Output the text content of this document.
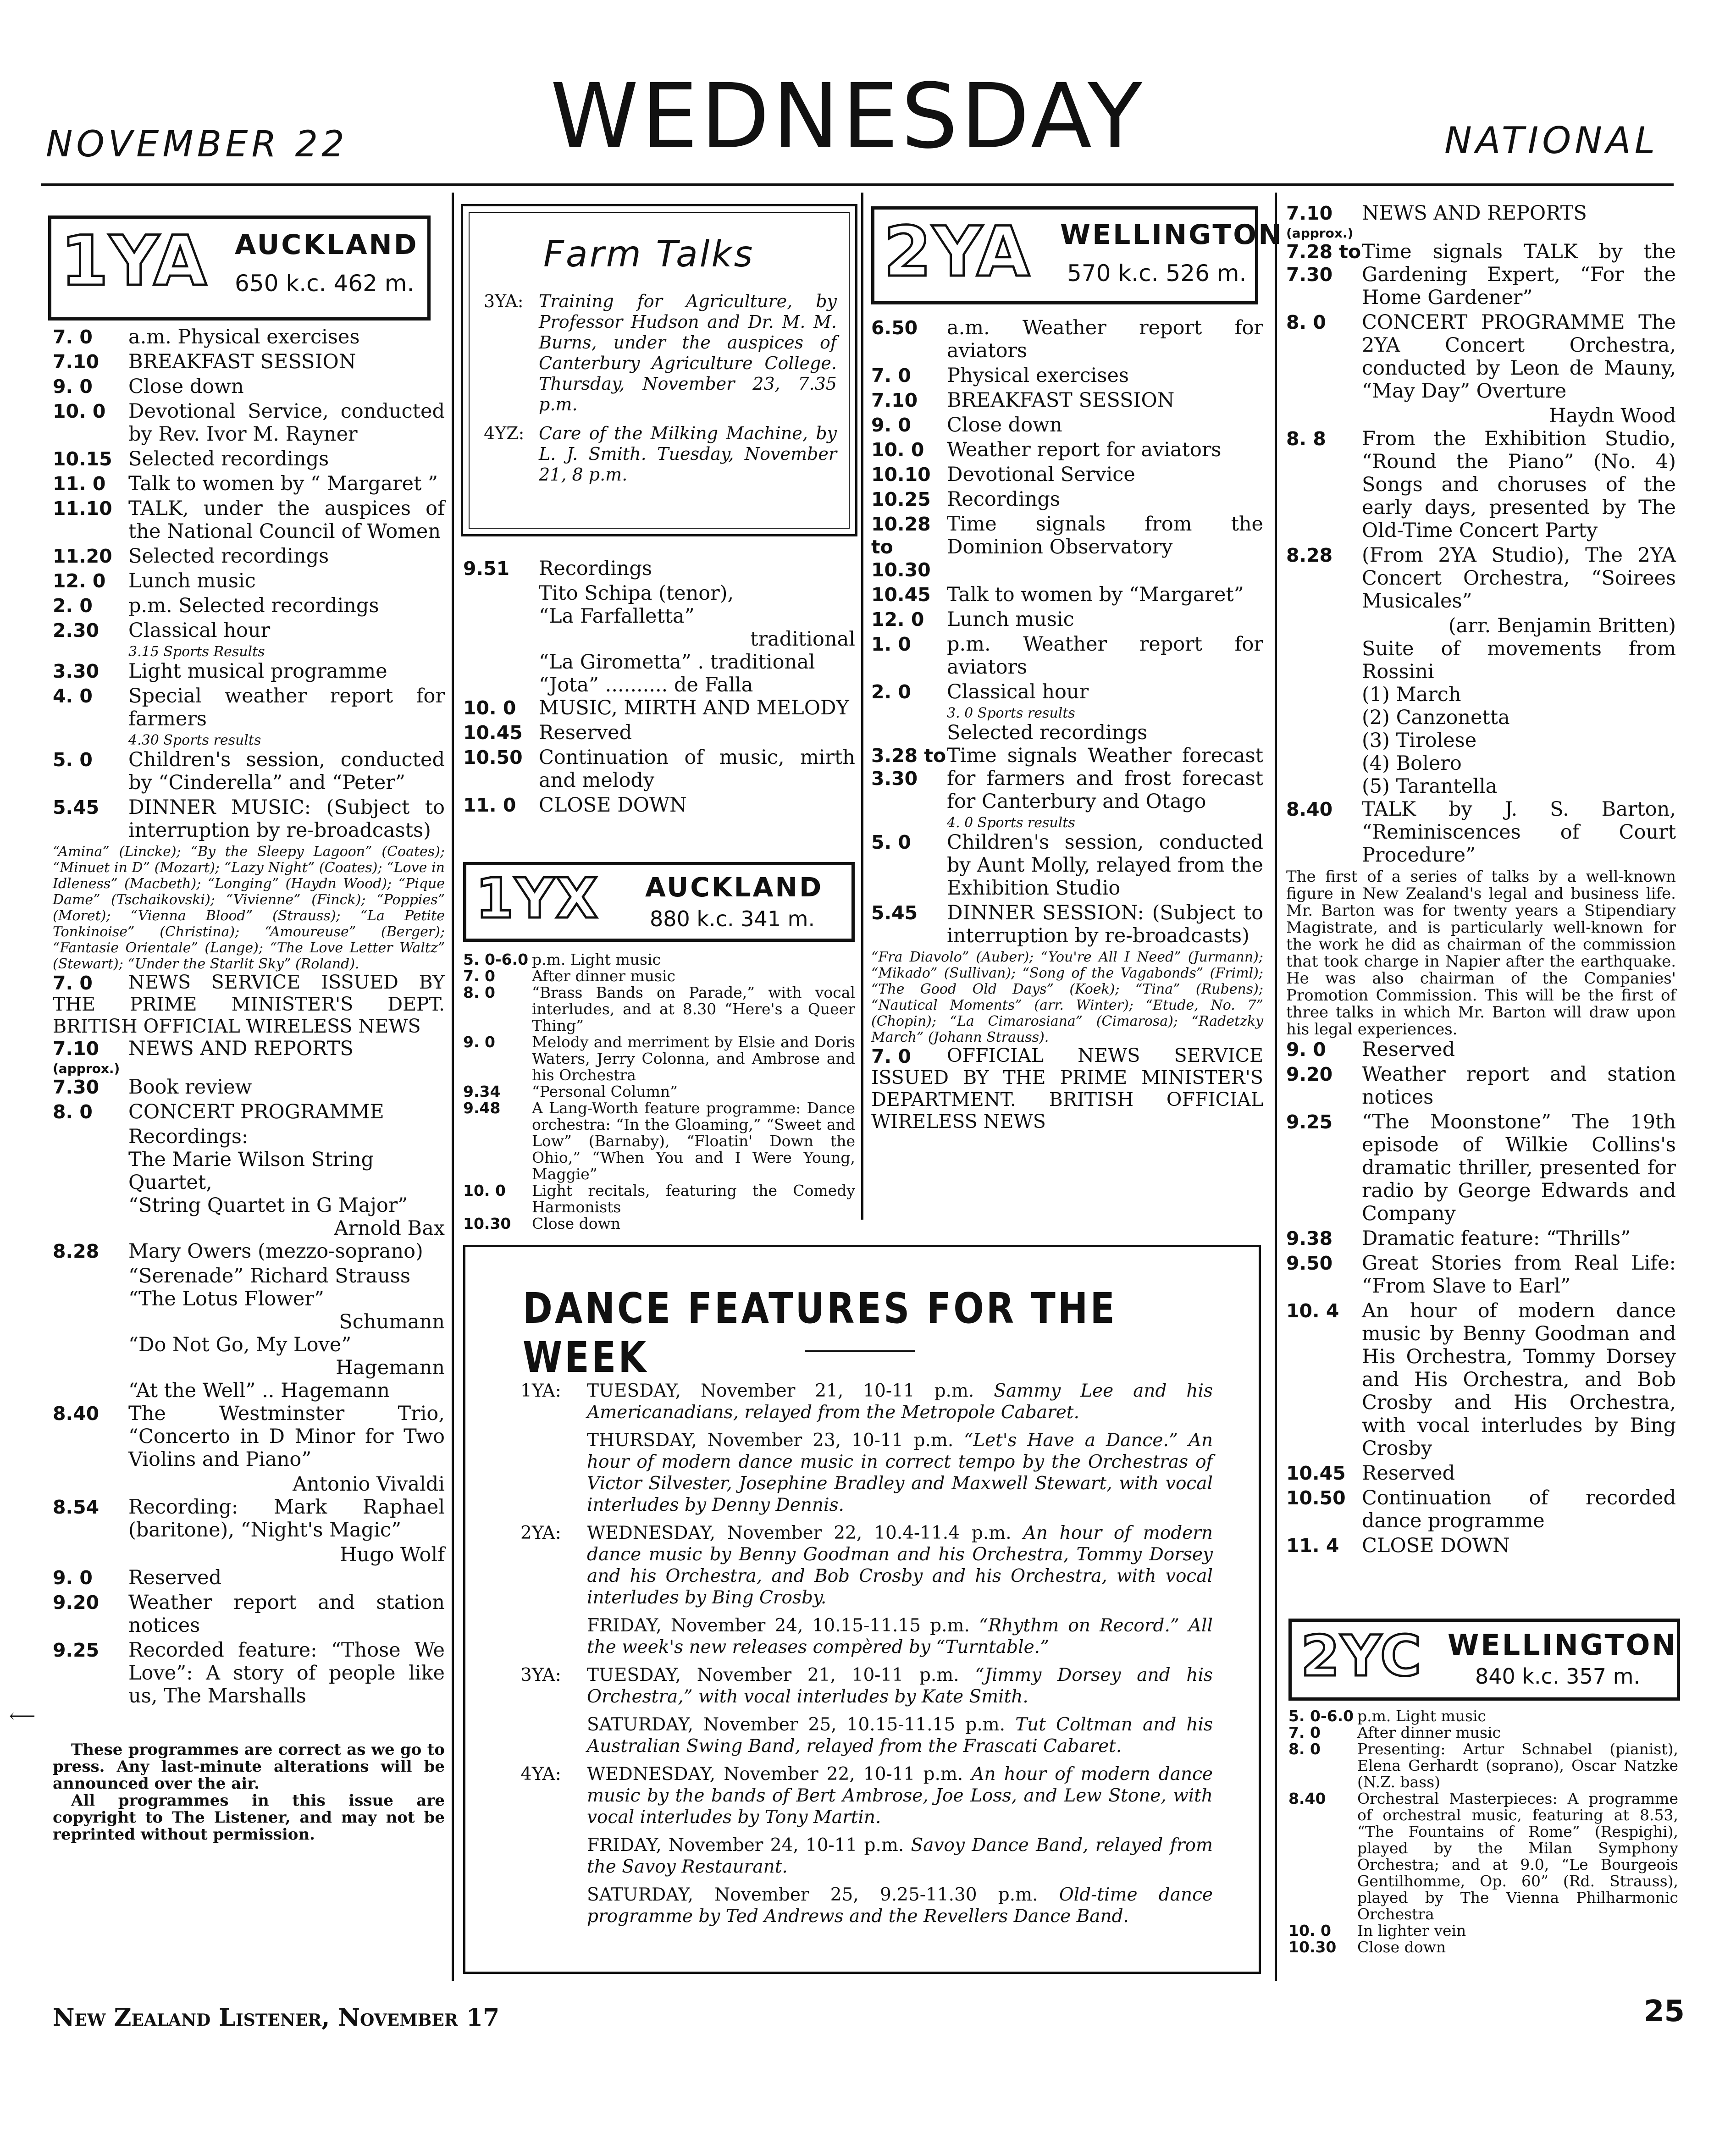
NOVEMBER 22 WEDNESDAY	NATIONAL
1YA AUCKLAND
650 k.c. 462 m.
7. 0	a.m. Physical exercises
7.10	BREAKFAST SESSION
9. 0	Close down
10. 0	Devotional Service, conducted by Rev. Ivor M. Rayner
10.15 Selected recordings
11. 0	Talk to women by “ Margaret ”
11.10 TALK, under the auspices of the National Council of Women
11.20 Selected recordings
12. 0	Lunch music
2. 0	p.m. Selected recordings
2.30	Classical hour
3.15 Sports Results
3.30	Light musical programme
4. 0	Special weather report for farmers
4.30 Sports results
5. 0	Children's session, conducted by “Cinderella” and “Peter”
5.45	DINNER MUSIC: (Subject to interruption by re-broadcasts)
“Amina” (Lincke); “By the Sleepy Lagoon” (Coates); “Minuet in D” (Mozart); “Lazy Night” (Coates); “Love in Idleness” (Macbeth); “Longing” (Haydn Wood); “Pique Dame” (Tschaikovski); “Vivienne” (Finck); “Poppies” (Moret); “Vienna Blood” (Strauss); “La Petite Tonkinoise” (Christina); “Amoureuse” (Berger); “Fantasie Orientale” (Lange); “The Love Letter Waltz” (Stewart); “Under the Starlit Sky” (Roland).
7. 0	NEWS SERVICE ISSUED BY THE PRIME MINISTER'S DEPT. BRITISH OFFICIAL WIRELESS NEWS
7.10	NEWS AND REPORTS
(approx.)
7.30	Book review
8. 0	CONCERT PROGRAMME
Recordings:
The Marie Wilson String Quartet,
“String Quartet in G Major”
Arnold Bax
8.28	Mary Owers (mezzo-soprano)
“Serenade” Richard Strauss
“The Lotus Flower”
Schumann
“Do Not Go, My Love”
Hagemann
“At the Well” .. Hagemann
8.40	The Westminster Trio, “Concerto in D Minor for Two Violins and Piano”
Antonio Vivaldi
8.54	Recording: Mark Raphael (baritone), “Night's Magic”
Hugo Wolf
9. 0	Reserved
9.20	Weather report and station notices
9.25	Recorded feature: “Those We Love”: A story of people like us, The Marshalls
These programmes are correct as we go to press. Any last-minute alterations will be announced over the air.
All programmes in this issue are copyright to The Listener, and may not be reprinted without permission.
⟵
Farm Talks
3YA: Training for Agriculture, by Professor Hudson and Dr. M. M. Burns, under the auspices of Canterbury Agriculture College. Thursday, November 23, 7.35 p.m.
4YZ: Care of the Milking Machine, by L. J. Smith. Tuesday, November 21, 8 p.m.
9.51	Recordings
Tito Schipa (tenor),
“La Farfalletta”
traditional
“La Girometta” . traditional
“Jota” .......... de Falla
10. 0	MUSIC, MIRTH AND MELODY
10.45 Reserved
10.50 Continuation of music, mirth and melody
11. 0	CLOSE DOWN
1YX AUCKLAND
880 k.c. 341 m.
5. 0-6.0 p.m. Light music
7. 0	After dinner music
8. 0	“Brass Bands on Parade,” with vocal interludes, and at 8.30 “Here's a Queer Thing”
9. 0	Melody and merriment by Elsie and Doris Waters, Jerry Colonna, and Ambrose and his Orchestra
9.34	“Personal Column”
9.48	A Lang-Worth feature programme: Dance orchestra: “In the Gloaming,” “Sweet and Low” (Barnaby), “Floatin' Down the Ohio,” “When You and I Were Young, Maggie”
10. 0	Light recitals, featuring the Comedy Harmonists
10.30	Close down
2YA WELLINGTON
570 k.c. 526 m.
6.50	a.m. Weather report for aviators
7. 0	Physical exercises
7.10	BREAKFAST SESSION
9. 0	Close down
10. 0	Weather report for aviators
10.10 Devotional Service
10.25 Recordings
10.28 to 10.30
Time signals from the Dominion Observatory
10.45 Talk to women by “Margaret”
12. 0	Lunch music
1. 0	p.m. Weather report for aviators
2. 0	Classical hour
3. 0 Sports results
Selected recordings
3.28 to 3.30
Time signals Weather forecast for farmers and frost forecast for Canterbury and Otago
4. 0 Sports results
5. 0	Children's session, conducted by Aunt Molly, relayed from the Exhibition Studio
5.45	DINNER SESSION: (Subject to interruption by re-broadcasts)
“Fra Diavolo” (Auber); “You're All I Need” (Jurmann); “Mikado” (Sullivan); “Song of the Vagabonds” (Friml); “The Good Old Days” (Koek); “Tina” (Rubens); “Nautical Moments” (arr. Winter); “Etude, No. 7” (Chopin); “La Cimarosiana” (Cimarosa); “Radetzky March” (Johann Strauss).
7. 0	OFFICIAL NEWS SERVICE ISSUED BY THE PRIME MINISTER'S DEPARTMENT. BRITISH OFFICIAL WIRELESS NEWS
DANCE FEATURES FOR THE WEEK
1YA:	TUESDAY, November 21, 10-11 p.m. Sammy Lee and his Americanadians, relayed from the Metropole Cabaret.
THURSDAY, November 23, 10-11 p.m. “Let's Have a Dance.” An hour of modern dance music in correct tempo by the Orchestras of Victor Silvester, Josephine Bradley and Maxwell Stewart, with vocal interludes by Denny Dennis.
2YA:	WEDNESDAY, November 22, 10.4-11.4 p.m. An hour of modern dance music by Benny Goodman and his Orchestra, Tommy Dorsey and his Orchestra, and Bob Crosby and his Orchestra, with vocal interludes by Bing Crosby.
FRIDAY, November 24, 10.15-11.15 p.m. “Rhythm on Record.” All the week's new releases compèred by “Turntable.”
3YA:	TUESDAY, November 21, 10-11 p.m. “Jimmy Dorsey and his Orchestra,” with vocal interludes by Kate Smith.
SATURDAY, November 25, 10.15-11.15 p.m. Tut Coltman and his Australian Swing Band, relayed from the Frascati Cabaret.
4YA:	WEDNESDAY, November 22, 10-11 p.m. An hour of modern dance music by the bands of Bert Ambrose, Joe Loss, and Lew Stone, with vocal interludes by Tony Martin.
FRIDAY, November 24, 10-11 p.m. Savoy Dance Band, relayed from the Savoy Restaurant.
SATURDAY, November 25, 9.25-11.30 p.m. Old-time dance programme by Ted Andrews and the Revellers Dance Band.
7.10	NEWS AND REPORTS
(approx.)
7.28 to 7.30
Time signals TALK by the Gardening Expert, “For the Home Gardener”
8. 0	CONCERT PROGRAMME The 2YA Concert Orchestra, conducted by Leon de Mauny, “May Day” Overture
Haydn Wood
8. 8	From the Exhibition Studio, “Round the Piano” (No. 4) Songs and choruses of the early days, presented by The Old-Time Concert Party
8.28	(From 2YA Studio), The 2YA Concert Orchestra, “Soirees Musicales”
(arr. Benjamin Britten)
Suite of movements from Rossini
(1) March
(2) Canzonetta
(3) Tirolese
(4) Bolero
(5) Tarantella
8.40	TALK by J. S. Barton, “Reminiscences of Court Procedure”
The first of a series of talks by a well-known figure in New Zealand's legal and business life. Mr. Barton was for twenty years a Stipendiary Magistrate, and is particularly well-known for the work he did as chairman of the commission that took charge in Napier after the earthquake. He was also chairman of the Companies' Promotion Commission. This will be the first of three talks in which Mr. Barton will draw upon his legal experiences.
9. 0	Reserved
9.20	Weather report and station notices
9.25	“The Moonstone” The 19th episode of Wilkie Collins's dramatic thriller, presented for radio by George Edwards and Company
9.38	Dramatic feature: “Thrills”
9.50	Great Stories from Real Life: “From Slave to Earl”
10. 4	An hour of modern dance music by Benny Goodman and His Orchestra, Tommy Dorsey and His Orchestra, and Bob Crosby and His Orchestra, with vocal interludes by Bing Crosby
10.45 Reserved
10.50 Continuation of recorded dance programme
11. 4	CLOSE DOWN
2YC WELLINGTON
840 k.c. 357 m.
5. 0-6.0 p.m. Light music
7. 0	After dinner music
8. 0	Presenting: Artur Schnabel (pianist), Elena Gerhardt (soprano), Oscar Natzke (N.Z. bass)
8.40	Orchestral Masterpieces: A programme of orchestral music, featuring at 8.53, “The Fountains of Rome” (Respighi), played by the Milan Symphony Orchestra; and at 9.0, “Le Bourgeois Gentilhomme, Op. 60” (Rd. Strauss), played by The Vienna Philharmonic Orchestra
10. 0	In lighter vein
10.30	Close down
New Zealand Listener, November 17	25
